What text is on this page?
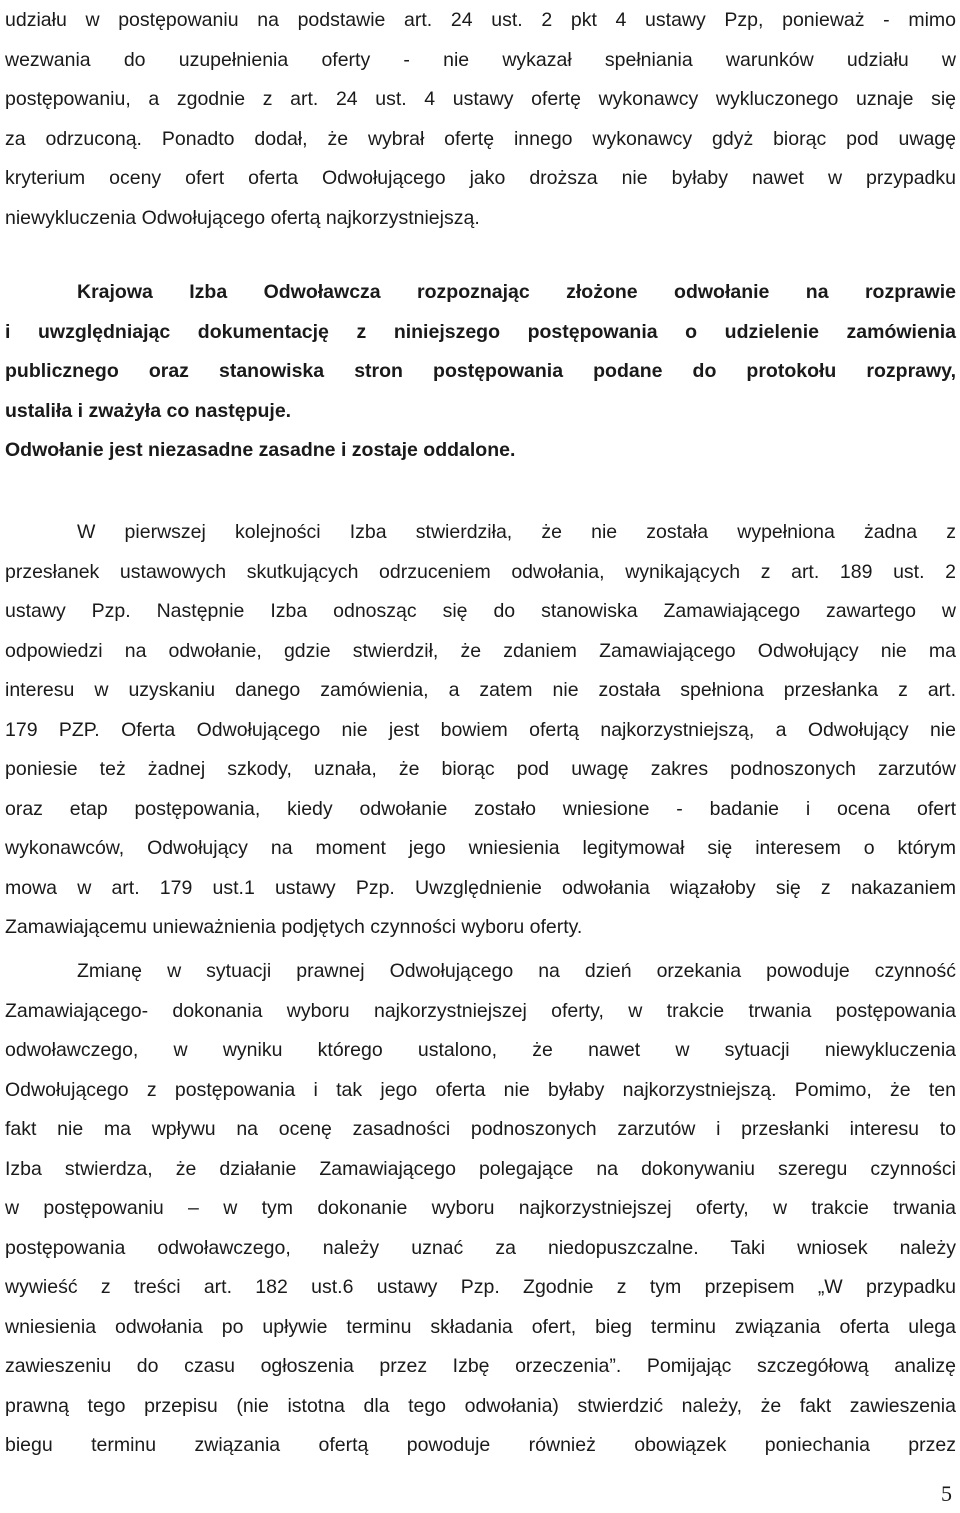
udziału w postępowaniu na podstawie art. 24 ust. 2 pkt 4 ustawy Pzp, ponieważ - mimo
wezwania do uzupełnienia oferty - nie wykazał spełniania warunków udziału w
postępowaniu, a zgodnie z art. 24 ust. 4 ustawy ofertę wykonawcy wykluczonego uznaje się
za odrzuconą. Ponadto dodał, że wybrał ofertę innego wykonawcy gdyż biorąc pod uwagę
kryterium oceny ofert oferta Odwołującego jako droższa nie byłaby nawet w przypadku
niewykluczenia Odwołującego ofertą najkorzystniejszą.
Krajowa Izba Odwoławcza rozpoznając złożone odwołanie na rozprawie
i uwzględniając dokumentację z niniejszego postępowania o udzielenie zamówienia
publicznego oraz stanowiska stron postępowania podane do protokołu rozprawy,
ustaliła i zważyła co następuje.
Odwołanie jest niezasadne zasadne i zostaje oddalone.
W pierwszej kolejności Izba stwierdziła, że nie została wypełniona żadna z
przesłanek ustawowych skutkujących odrzuceniem odwołania, wynikających z art. 189 ust. 2
ustawy Pzp. Następnie Izba odnosząc się do stanowiska Zamawiającego zawartego w
odpowiedzi na odwołanie, gdzie stwierdził, że zdaniem Zamawiającego Odwołujący nie ma
interesu w uzyskaniu danego zamówienia, a zatem nie została spełniona przesłanka z art.
179 PZP. Oferta Odwołującego nie jest bowiem ofertą najkorzystniejszą, a Odwołujący nie
poniesie też żadnej szkody, uznała, że biorąc pod uwagę zakres podnoszonych zarzutów
oraz etap postępowania, kiedy odwołanie zostało wniesione - badanie i ocena ofert
wykonawców, Odwołujący na moment jego wniesienia legitymował się interesem o którym
mowa w art. 179 ust.1 ustawy Pzp. Uwzględnienie odwołania wiązałoby się z nakazaniem
Zamawiającemu unieważnienia podjętych czynności wyboru oferty.
Zmianę w sytuacji prawnej Odwołującego na dzień orzekania powoduje czynność
Zamawiającego- dokonania wyboru najkorzystniejszej oferty, w trakcie trwania postępowania
odwoławczego, w wyniku którego ustalono, że nawet w sytuacji niewykluczenia
Odwołującego z postępowania i tak jego oferta nie byłaby najkorzystniejszą. Pomimo, że ten
fakt nie ma wpływu na ocenę zasadności podnoszonych zarzutów i przesłanki interesu to
Izba stwierdza, że działanie Zamawiającego polegające na dokonywaniu szeregu czynności
w postępowaniu – w tym dokonanie wyboru najkorzystniejszej oferty, w trakcie trwania
postępowania odwoławczego, należy uznać za niedopuszczalne. Taki wniosek należy
wywieść z treści art. 182 ust.6 ustawy Pzp. Zgodnie z tym przepisem „W przypadku
wniesienia odwołania po upływie terminu składania ofert, bieg terminu związania oferta ulega
zawieszeniu do czasu ogłoszenia przez Izbę orzeczenia”. Pomijając szczegółową analizę
prawną tego przepisu (nie istotna dla tego odwołania) stwierdzić należy, że fakt zawieszenia
biegu terminu związania ofertą powoduje również obowiązek poniechania przez
5
